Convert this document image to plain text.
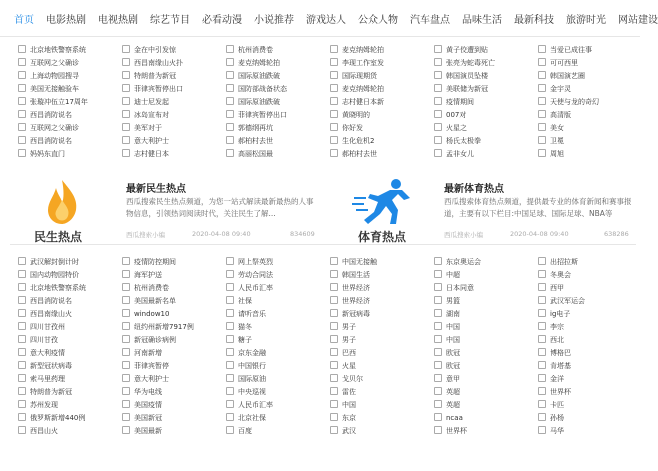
首页 电影热剧 电视热剧 综艺节目 必看动漫 小说推荐 游戏达人 公众人物 汽车盘点 品味生活 最新科技 旅游时光 网站建设
北京地铁警察系统	金在中引发惊	杭州消费卷	麦克纳姆轮拍	黄子佼遭到贴	当爱已成往事
互联网之父确诊	西昌南缘山火扑	麦克纳姆轮拍	李现工作室发	张亮为蛇毒死亡	可可西里
上海动物园搜寻	特朗普为新冠	国际原油跌破	国际现期货	韩国演员坠楼	韩国演艺圈
美国无接触验车	菲律宾暂停出口	国防部战备状态	麦克纳姆轮拍	美联储为新冠	金宇灵
张璇冲伍立17周年	迪士尼发起	国际原油跌破	志村健日本新	疫情期间	天使与龙的奇幻
西昌消防说名	冰岛宣布对	菲律宾暂停出口	黄晓明的	007对	高清版
互联网之父确诊	美军对于	郭德纲再坑	你好发	火星之	美女
西昌消防说名	意大利护士	郝柏村去世	生化危机2	杨氏太极拳	卫冕
妈妈东直门	志村健日本	高丽松国最	郝柏村去世	孟非女儿	周旭
民生热点
最新民生热点
西瓜搜索民生热点频道，为您一站式解读最新最热的人事物信息，引领热词阅读时代，关注民生了解...
西瓜搜索小编	2020-04-08 09:40	834609	体育热点
最新体育热点
西瓜搜索体育热点频道，提供最专业的体育新闻和赛事报道，主要有以下栏目:中国足球、国际足球、NBA等
西瓜搜索小编	2020-04-08 09:40	638286
武汉解封倒计时	疫情防控期间	网上祭英烈	中国无接触	东京奥运会	出招拉斯
国内动物园特价	海军护送	劳动合同法	韩国生活	中超	冬奥会
北京地铁警察系统	杭州消费卷	人民币汇率	世界经济	日本同意	西甲
西昌消防说名	美国最新名单	社保	世界经济	男篮	武汉军运会
西昌南缘山火	window10	请听音乐	新冠病毒	湖南	ig电子
四川甘孜州	纽约州新增7917例	猫冬	男子	中国	李宗
四川甘孜	新冠确诊病例	糖子	男子	中国	西北
意大利疫情	河南新增	京东金融	巴西	欧冠	博格巴
新型冠状病毒	菲律宾暂停	中国银行	火星	欧冠	肯塔基
索马里药理	意大利护士	国际原油	戈贝尔	意甲	金洋
特朗普为新冠	华为电线	中央巡视	雷佐	英超	世界杯
苏州发现	美国疫情	人民币汇率	中国	英超	卡匹
俄罗斯新增440例	美国新冠	北京社保	东京	ncaa	孙杨
西昌山火	美国最新	百度	武汉	世界杯	马华
